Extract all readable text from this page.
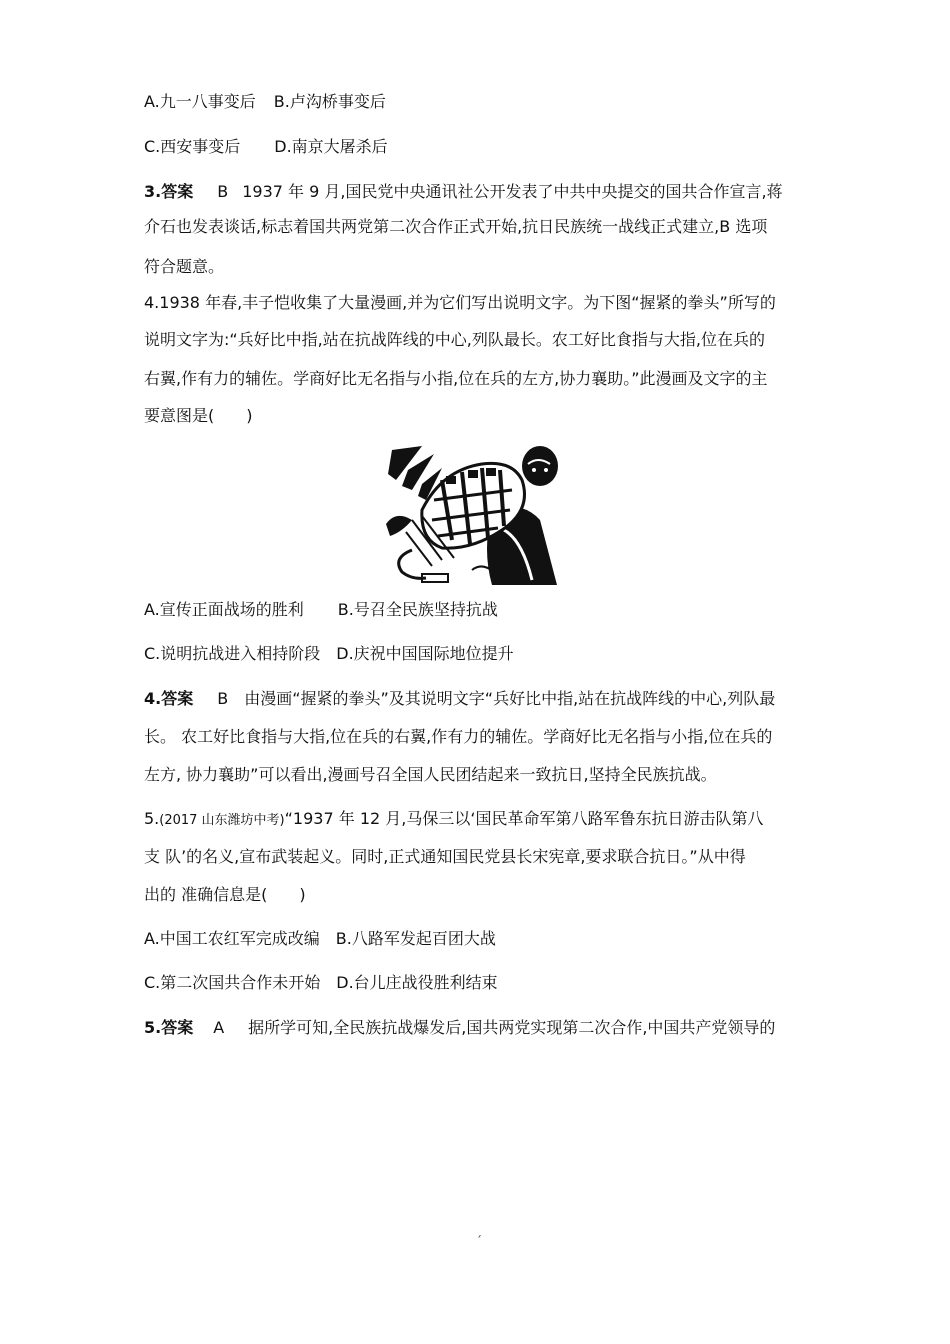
A.九一八事变后 B.卢沟桥事变后
C.西安事变后 D.南京大屠杀后
3.答案 B 1937 年 9 月,国民党中央通讯社公开发表了中共中央提交的国共合作宣言,蒋
介石也发表谈话,标志着国共两党第二次合作正式开始,抗日民族统一战线正式建立,B 选项
符合题意。
4.1938 年春,丰子恺收集了大量漫画,并为它们写出说明文字。为下图“握紧的拳头”所写的
说明文字为:“兵好比中指,站在抗战阵线的中心,列队最长。农工好比食指与大指,位在兵的
右翼,作有力的辅佐。学商好比无名指与小指,位在兵的左方,协力襄助。”此漫画及文字的主
要意图是(　　)
A.宣传正面战场的胜利 B.号召全民族坚持抗战
C.说明抗战进入相持阶段 D.庆祝中国国际地位提升
4.答案 B 由漫画“握紧的拳头”及其说明文字“兵好比中指,站在抗战阵线的中心,列队最
长。 农工好比食指与大指,位在兵的右翼,作有力的辅佐。学商好比无名指与小指,位在兵的
左方, 协力襄助”可以看出,漫画号召全国人民团结起来一致抗日,坚持全民族抗战。
5.(2017 山东潍坊中考)“1937 年 12 月,马保三以‘国民革命军第八路军鲁东抗日游击队第八
支 队’的名义,宣布武装起义。同时,正式通知国民党县长宋宪章,要求联合抗日。”从中得
出的 准确信息是(　　)
A.中国工农红军完成改编 B.八路军发起百团大战
C.第二次国共合作未开始 D.台儿庄战役胜利结束
5.答案 A 据所学可知,全民族抗战爆发后,国共两党实现第二次合作,中国共产党领导的
´
